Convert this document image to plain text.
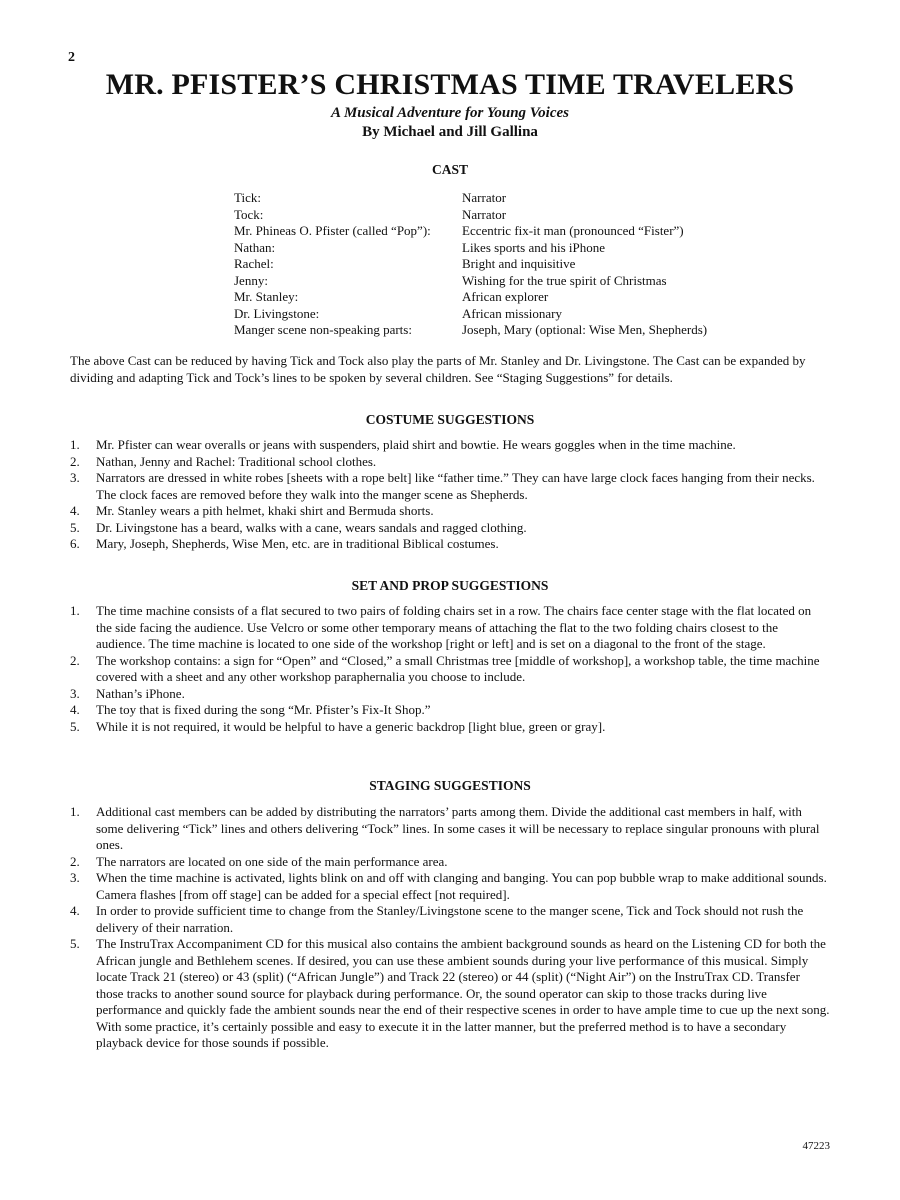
2
MR. PFISTER’S CHRISTMAS TIME TRAVELERS
A Musical Adventure for Young Voices
By Michael and Jill Gallina
CAST
Tick:	Narrator
Tock:	Narrator
Mr. Phineas O. Pfister (called “Pop”):	Eccentric fix-it man (pronounced “Fister”)
Nathan:	Likes sports and his iPhone
Rachel:	Bright and inquisitive
Jenny:	Wishing for the true spirit of Christmas
Mr. Stanley:	African explorer
Dr. Livingstone:	African missionary
Manger scene non-speaking parts:	Joseph, Mary (optional: Wise Men, Shepherds)

The above Cast can be reduced by having Tick and Tock also play the parts of Mr. Stanley and Dr. Livingstone. The Cast can be expanded by dividing and adapting Tick and Tock’s lines to be spoken by several children. See “Staging Suggestions” for details.

COSTUME SUGGESTIONS
1. Mr. Pfister can wear overalls or jeans with suspenders, plaid shirt and bowtie. He wears goggles when in the time machine.
2. Nathan, Jenny and Rachel: Traditional school clothes.
3. Narrators are dressed in white robes [sheets with a rope belt] like “father time.” They can have large clock faces hanging from their necks. The clock faces are removed before they walk into the manger scene as Shepherds.
4. Mr. Stanley wears a pith helmet, khaki shirt and Bermuda shorts.
5. Dr. Livingstone has a beard, walks with a cane, wears sandals and ragged clothing.
6. Mary, Joseph, Shepherds, Wise Men, etc. are in traditional Biblical costumes.
SET AND PROP SUGGESTIONS
1. The time machine consists of a flat secured to two pairs of folding chairs set in a row. The chairs face center stage with the flat located on the side facing the audience. Use Velcro or some other temporary means of attaching the flat to the two folding chairs closest to the audience. The time machine is located to one side of the workshop [right or left] and is set on a diagonal to the front of the stage.
2. The workshop contains: a sign for “Open” and “Closed,” a small Christmas tree [middle of workshop], a workshop table, the time machine covered with a sheet and any other workshop paraphernalia you choose to include.
3. Nathan’s iPhone.
4. The toy that is fixed during the song “Mr. Pfister’s Fix-It Shop.”
5. While it is not required, it would be helpful to have a generic backdrop [light blue, green or gray].
STAGING SUGGESTIONS
1. Additional cast members can be added by distributing the narrators’ parts among them. Divide the additional cast members in half, with some delivering “Tick” lines and others delivering “Tock” lines. In some cases it will be necessary to replace singular pronouns with plural ones.
2. The narrators are located on one side of the main performance area.
3. When the time machine is activated, lights blink on and off with clanging and banging. You can pop bubble wrap to make additional sounds. Camera flashes [from off stage] can be added for a special effect [not required].
4. In order to provide sufficient time to change from the Stanley/Livingstone scene to the manger scene, Tick and Tock should not rush the delivery of their narration.
5. The InstruTrax Accompaniment CD for this musical also contains the ambient background sounds as heard on the Listening CD for both the African jungle and Bethlehem scenes. If desired, you can use these ambient sounds during your live performance of this musical. Simply locate Track 21 (stereo) or 43 (split) (“African Jungle”) and Track 22 (stereo) or 44 (split) (“Night Air”) on the InstruTrax CD. Transfer those tracks to another sound source for playback during performance. Or, the sound operator can skip to those tracks during live performance and quickly fade the ambient sounds near the end of their respective scenes in order to have ample time to cue up the next song. With some practice, it’s certainly possible and easy to execute it in the latter manner, but the preferred method is to have a secondary playback device for those sounds if possible.
47223
